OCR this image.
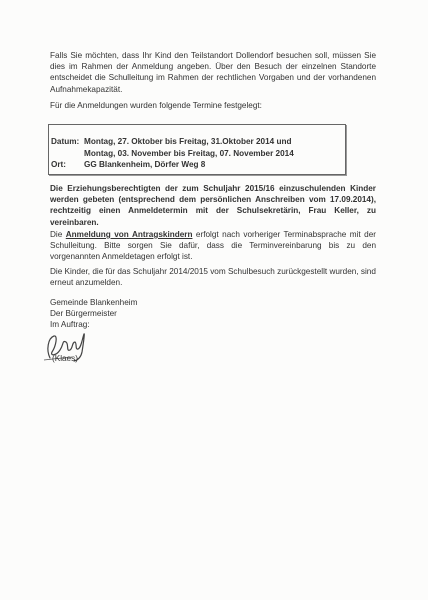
Falls Sie möchten, dass Ihr Kind den Teilstandort Dollendorf besuchen soll, müssen Sie dies im Rahmen der Anmeldung angeben. Über den Besuch der einzelnen Standorte entscheidet die Schulleitung im Rahmen der rechtlichen Vorgaben und der vorhandenen Aufnahmekapazität.

Für die Anmeldungen wurden folgende Termine festgelegt:

Datum: Montag, 27. Oktober bis Freitag, 31.Oktober 2014 und
Montag, 03. November bis Freitag, 07. November 2014
Ort: GG Blankenheim, Dörfer Weg 8

Die Erziehungsberechtigten der zum Schuljahr 2015/16 einzuschulenden Kinder werden gebeten (entsprechend dem persönlichen Anschreiben vom 17.09.2014), rechtzeitig einen Anmeldetermin mit der Schulsekretärin, Frau Keller, zu vereinbaren.

Die Anmeldung von Antragskindern erfolgt nach vorheriger Terminabsprache mit der Schulleitung. Bitte sorgen Sie dafür, dass die Terminvereinbarung bis zu den vorgenannten Anmeldetagen erfolgt ist.

Die Kinder, die für das Schuljahr 2014/2015 vom Schulbesuch zurückgestellt wurden, sind erneut anzumelden.

Gemeinde Blankenheim
Der Bürgermeister
Im Auftrag:
(Klaes)
